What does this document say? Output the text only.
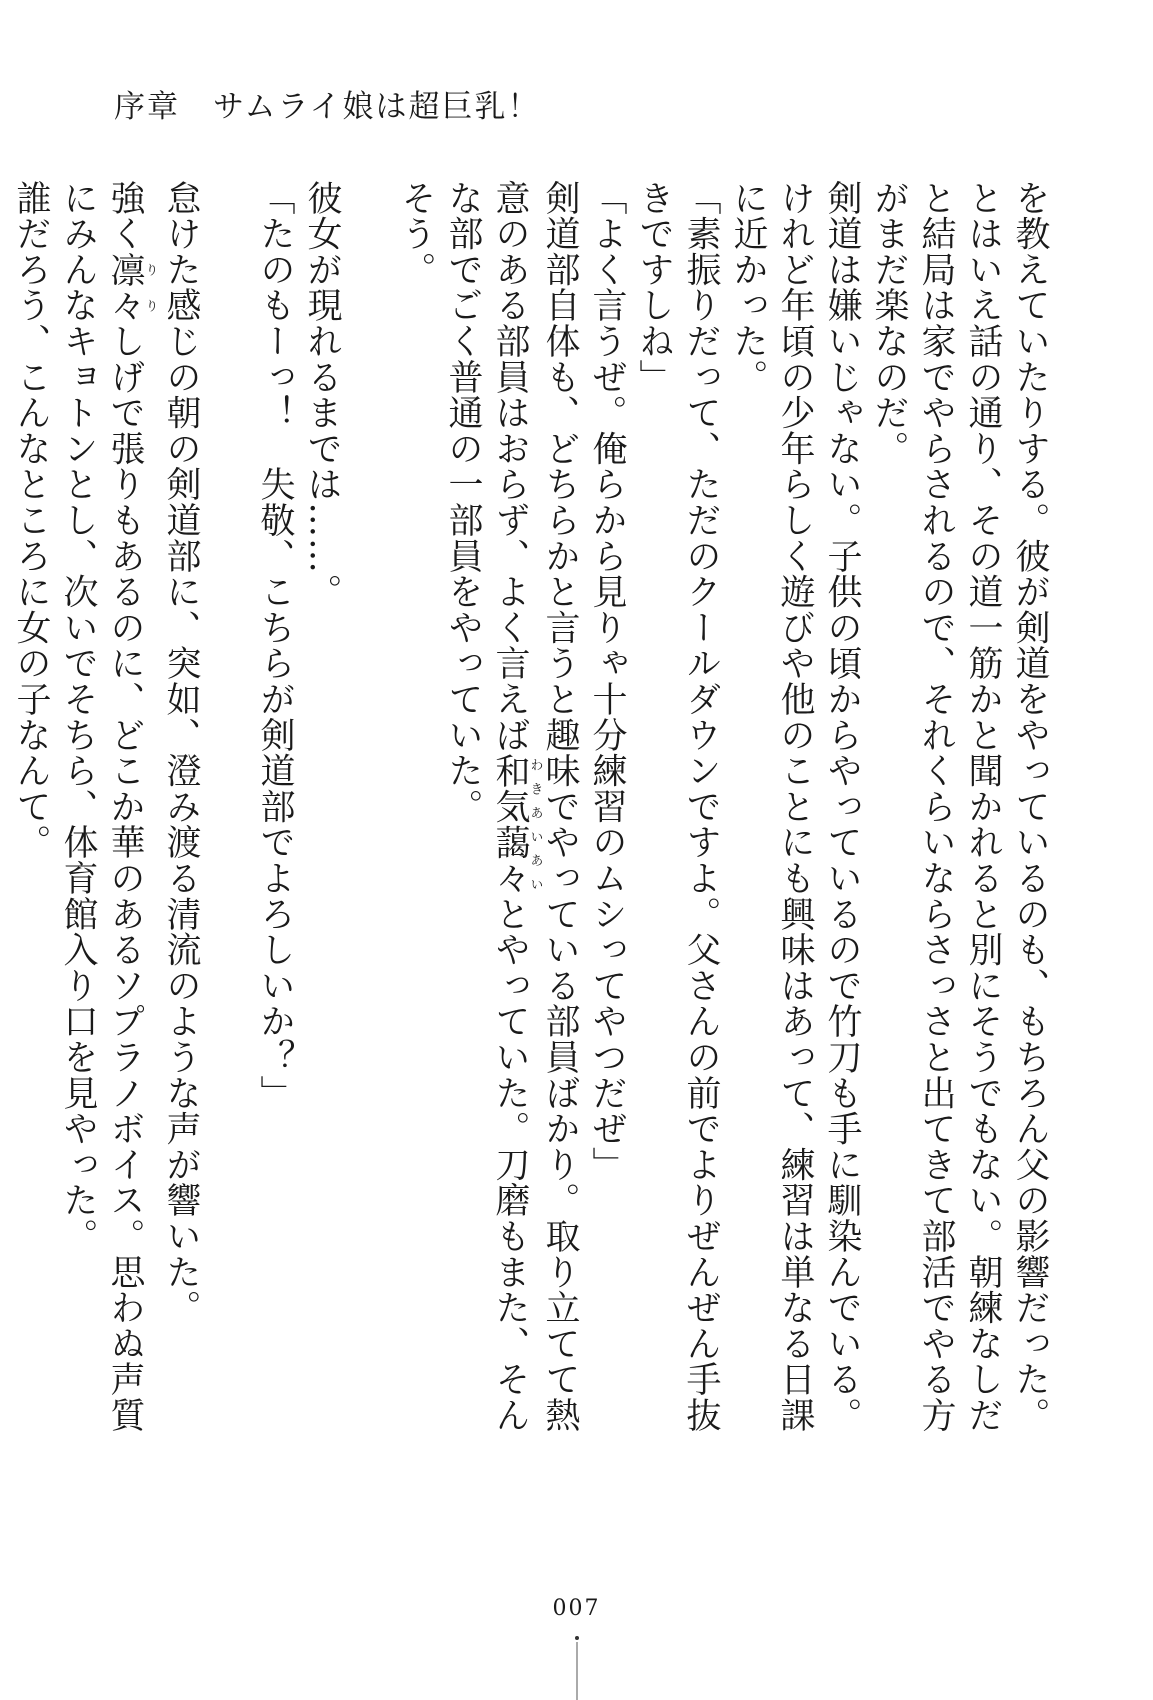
序章　サムライ娘は超巨乳！

を教えていたりする。彼が剣道をやっているのも、もちろん父の影響だった。

とはいえ話の通り、その道一筋かと聞かれると別にそうでもない。朝練なしだと結局は家でやらされるので、それくらいならさっさと出てきて部活でやる方がまだ楽なのだ。

剣道は嫌いじゃない。子供の頃からやっているので竹刀も手に馴染んでいる。けれど年頃の少年らしく遊びや他のことにも興味はあって、練習は単なる日課に近かった。

「素振りだって、ただのクールダウンですよ。父さんの前でよりぜんぜん手抜きですしね」

「よく言うぜ。俺らから見りゃ十分練習のムシってやつだぜ」

剣道部自体も、どちらかと言うと趣味でやっている部員ばかり。取り立てて熱意のある部員はおらず、よく言えば和気藹々わきあいあいとやっていた。刀磨もまた、そんな部でごく普通の一部員をやっていた。

そう。

彼女が現れるまでは……。

「たのもーっ！　失敬、こちらが剣道部でよろしいか？」

怠けた感じの朝の剣道部に、突如、澄み渡る清流のような声が響いた。

強く凛々りりしげで張りもあるのに、どこか華のあるソプラノボイス。思わぬ声質にみんなキョトンとし、次いでそちら、体育館入り口を見やった。

誰だろう、こんなところに女の子なんて。

007
